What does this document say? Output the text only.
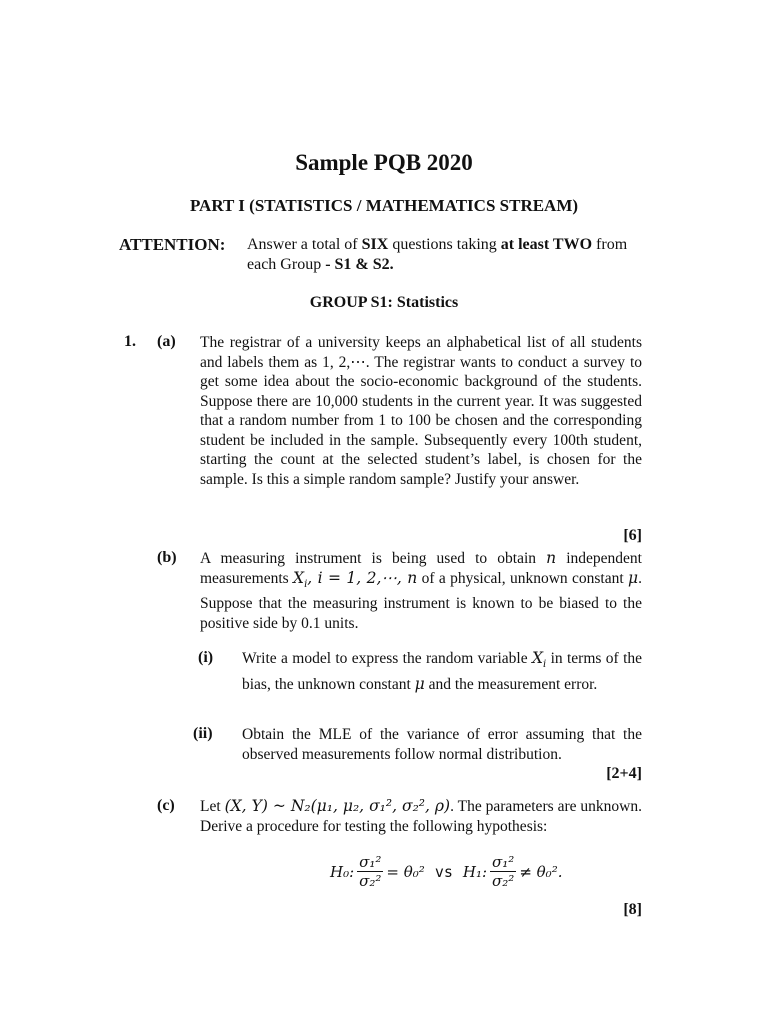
Sample PQB 2020
PART I (STATISTICS / MATHEMATICS STREAM)
ATTENTION: Answer a total of SIX questions taking at least TWO from each Group - S1 & S2.
GROUP S1: Statistics
1. (a) The registrar of a university keeps an alphabetical list of all students and labels them as 1, 2,⋯. The registrar wants to conduct a survey to get some idea about the socio-economic background of the students. Suppose there are 10,000 students in the current year. It was suggested that a random number from 1 to 100 be chosen and the corresponding student be included in the sample. Subsequently every 100th student, starting the count at the selected student’s label, is chosen for the sample. Is this a simple random sample? Justify your answer.
[6]
(b) A measuring instrument is being used to obtain n independent measurements $X_i$, i = 1, 2,⋯, n of a physical, unknown constant μ. Suppose that the measuring instrument is known to be biased to the positive side by 0.1 units.
(i) Write a model to express the random variable $X_i$ in terms of the bias, the unknown constant μ and the measurement error.
(ii) Obtain the MLE of the variance of error assuming that the observed measurements follow normal distribution.
[2+4]
(c) Let (X, Y) ~ N₂(μ₁, μ₂, σ₁², σ₂², ρ). The parameters are unknown. Derive a procedure for testing the following hypothesis:
H₀: $\frac{\text{σ₁²}}{\text{σ₂²}} = \theta_0^2$ vs H₁: $\frac{\text{σ₁²}}{\text{σ₂²}} \ne \theta_0^2$.
[8]
